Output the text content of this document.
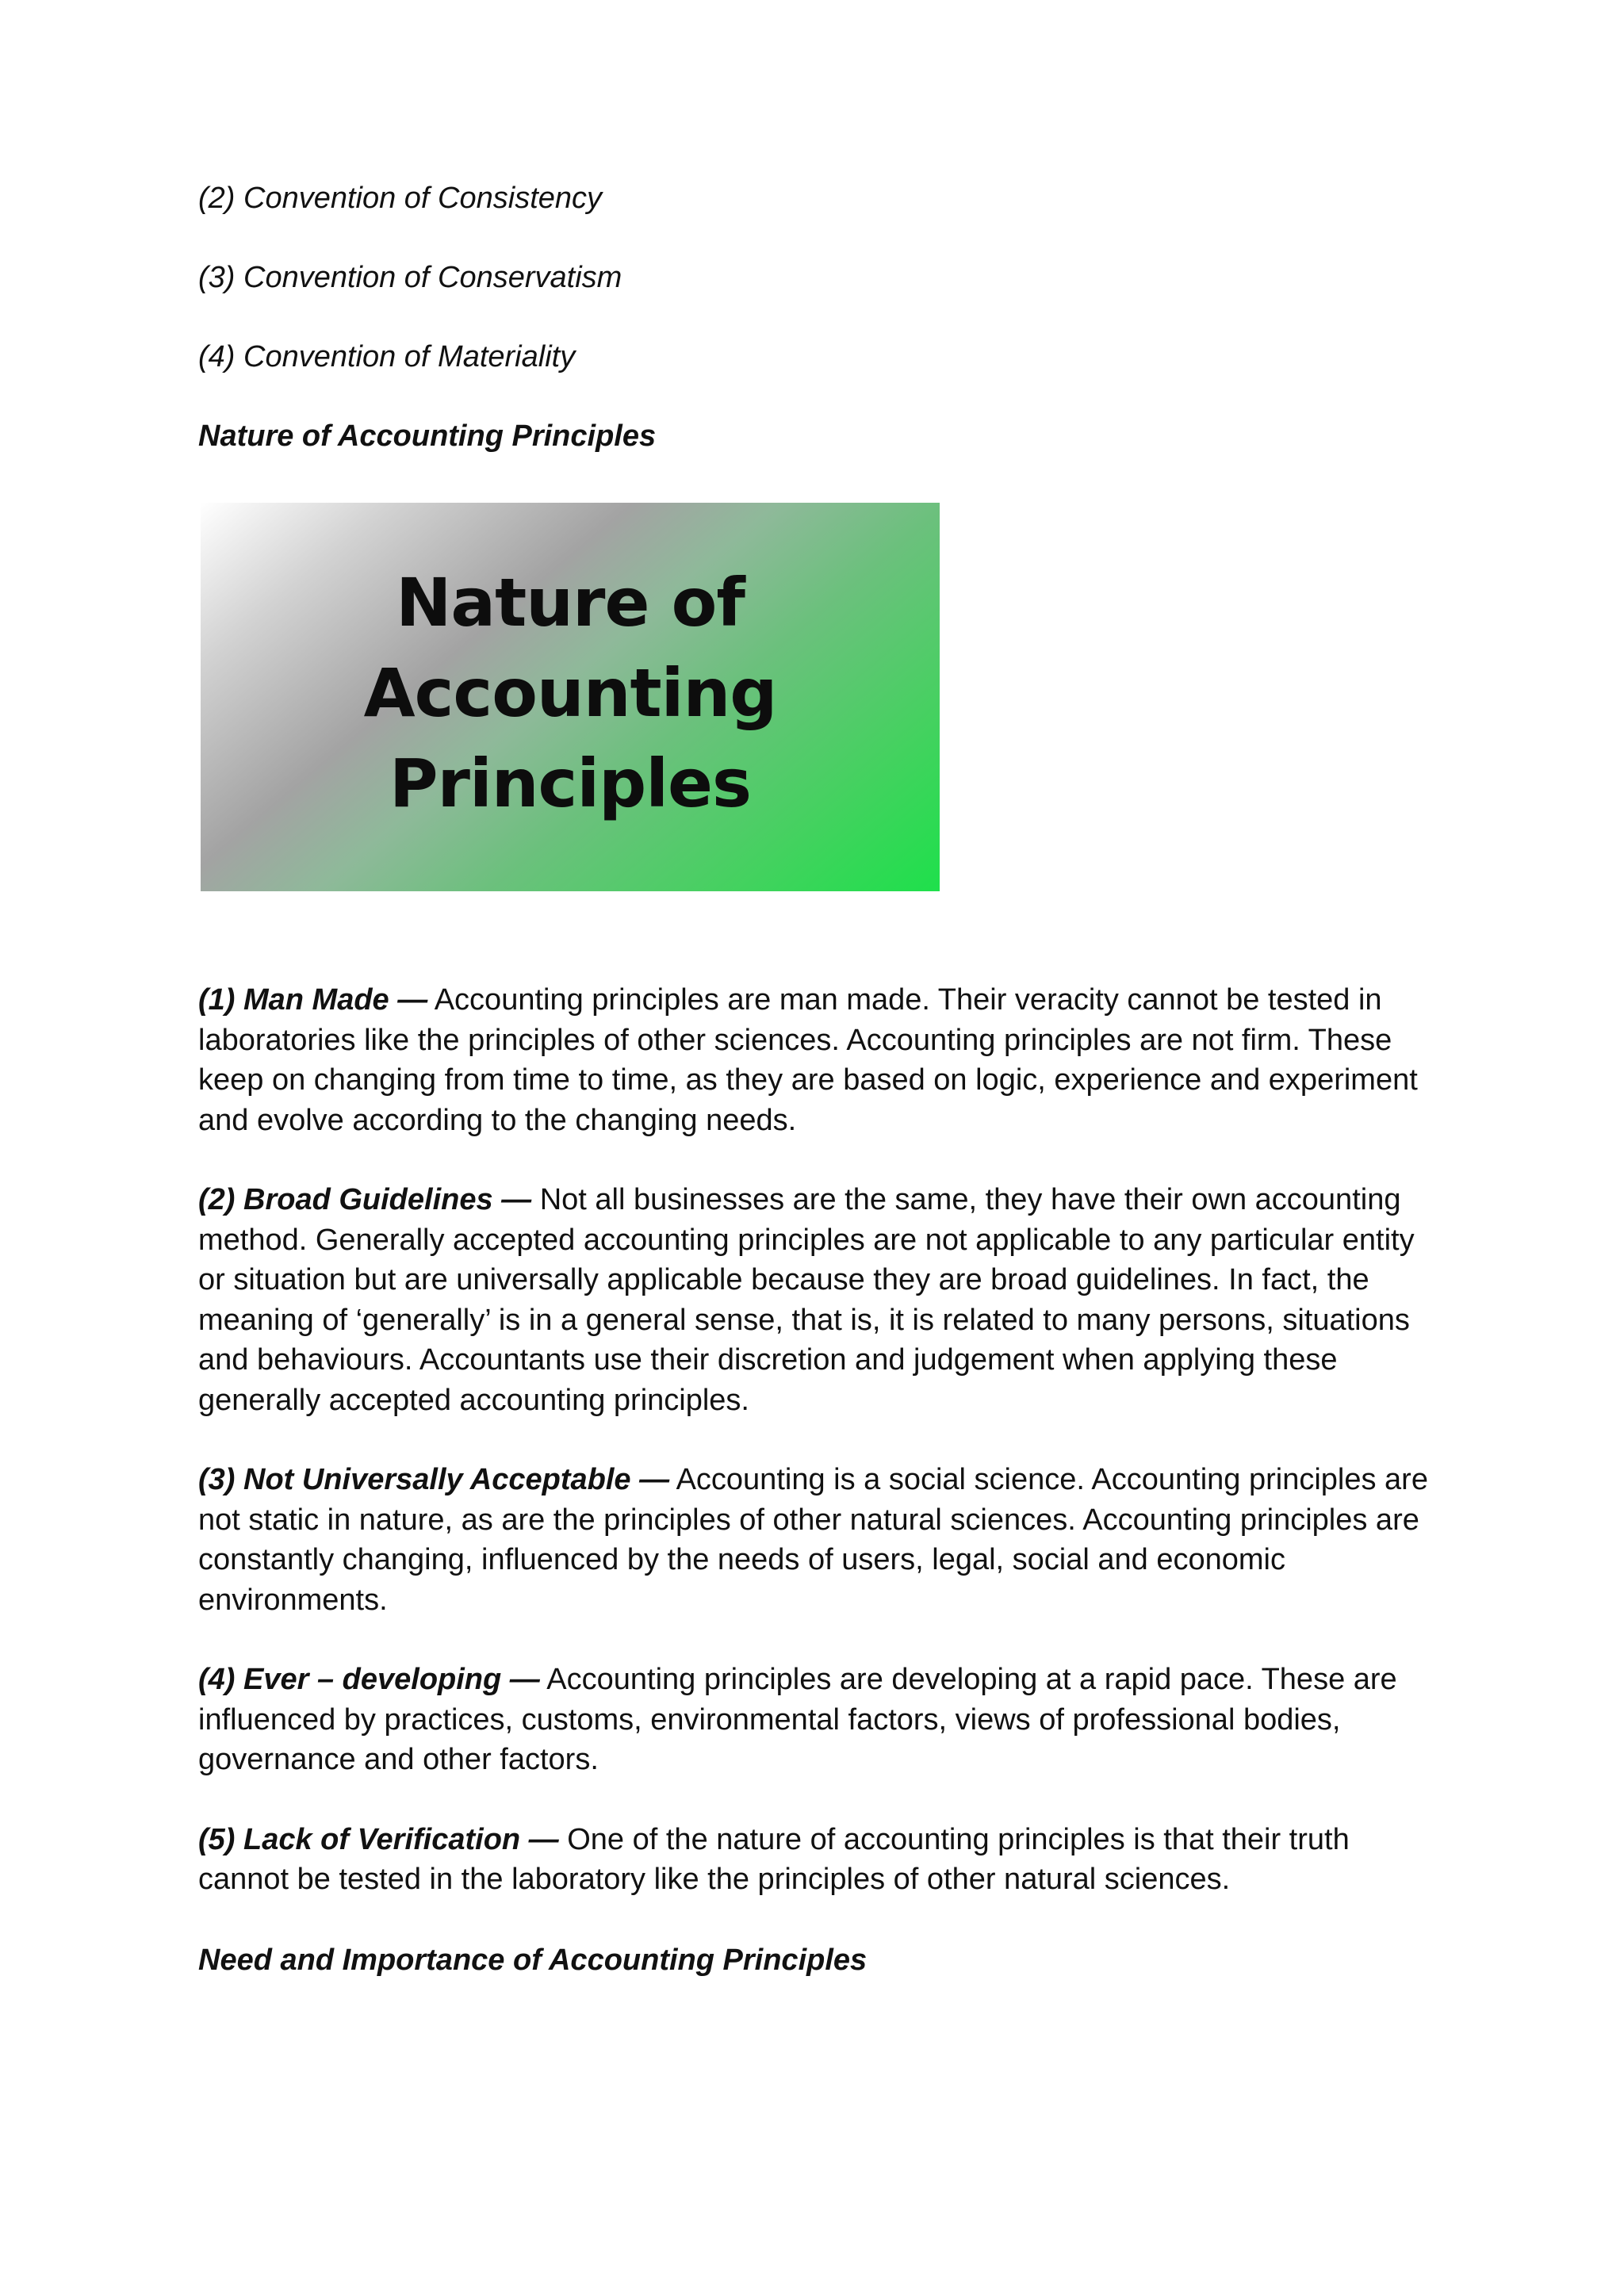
(2) Convention of Consistency

(3) Convention of Conservatism

(4) Convention of Materiality

Nature of Accounting Principles

Nature of Accounting Principles

(1) Man Made — Accounting principles are man made. Their veracity cannot be tested in laboratories like the principles of other sciences. Accounting principles are not firm. These keep on changing from time to time, as they are based on logic, experience and experiment and evolve according to the changing needs.

(2) Broad Guidelines — Not all businesses are the same, they have their own accounting method. Generally accepted accounting principles are not applicable to any particular entity or situation but are universally applicable because they are broad guidelines. In fact, the meaning of ‘generally’ is in a general sense, that is, it is related to many persons, situations and behaviours. Accountants use their discretion and judgement when applying these generally accepted accounting principles.

(3) Not Universally Acceptable — Accounting is a social science. Accounting principles are not static in nature, as are the principles of other natural sciences. Accounting principles are constantly changing, influenced by the needs of users, legal, social and economic environments.

(4) Ever – developing — Accounting principles are developing at a rapid pace. These are influenced by practices, customs, environmental factors, views of professional bodies, governance and other factors.

(5) Lack of Verification — One of the nature of accounting principles is that their truth cannot be tested in the laboratory like the principles of other natural sciences.

Need and Importance of Accounting Principles
